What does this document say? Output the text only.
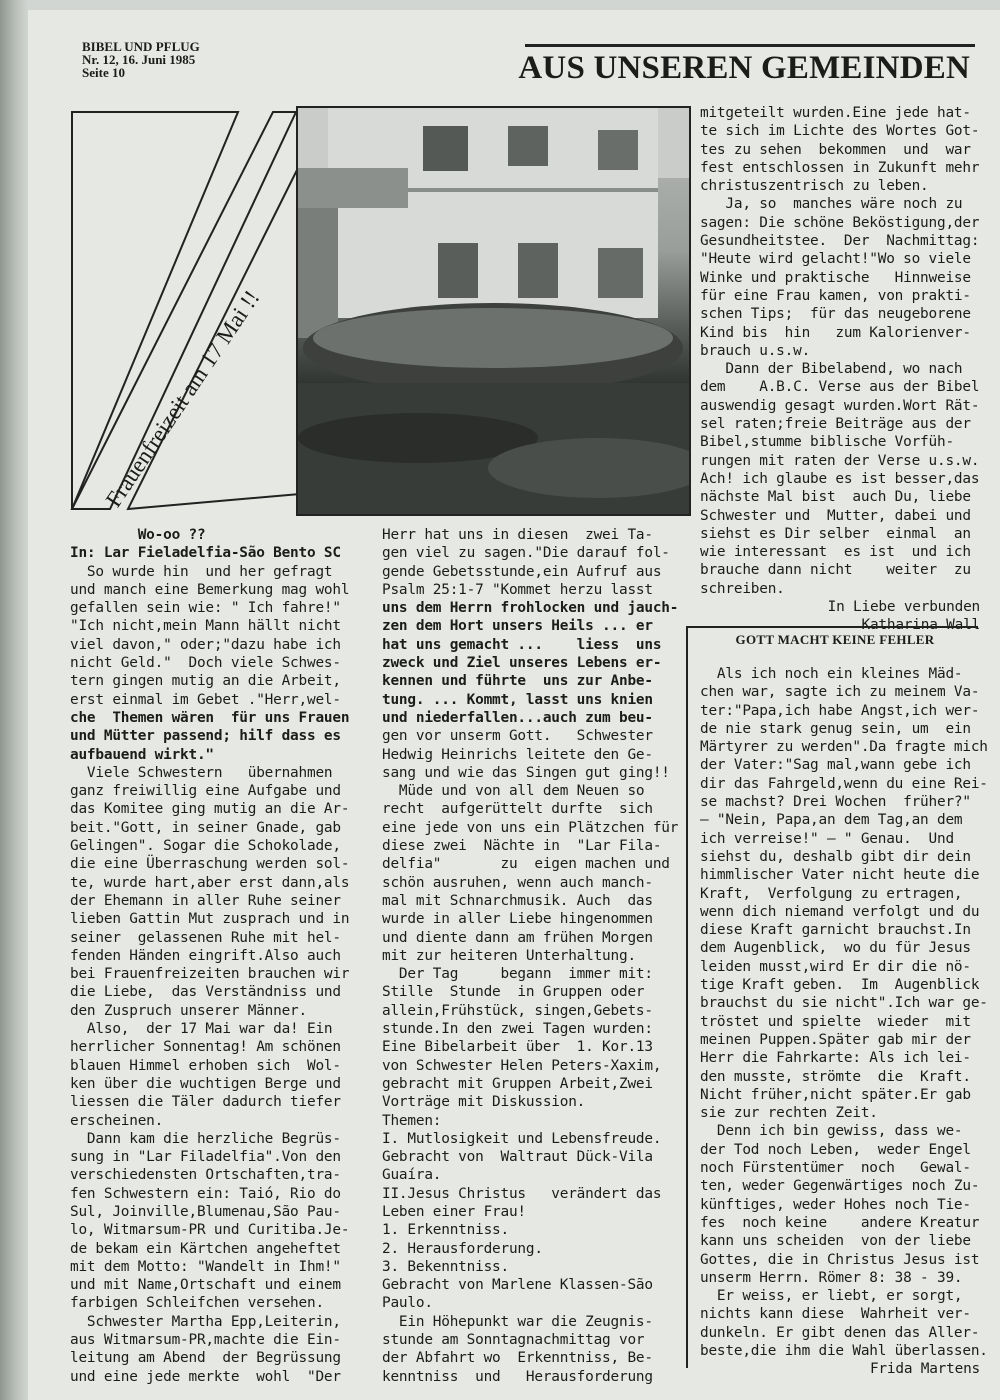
BIBEL UND PFLUG
Nr. 12, 16. Juni 1985
Seite 10	AUS UNSEREN GEMEINDEN
Frauenfreizeit am 17 Mai !!
Wo-oo ??
In: Lar Fieladelfia-São Bento SC
So wurde hin  und her gefragt
und manch eine Bemerkung mag wohl
gefallen sein wie: " Ich fahre!"
"Ich nicht,mein Mann hällt nicht
viel davon," oder;"dazu habe ich
nicht Geld."  Doch viele Schwes-
tern gingen mutig an die Arbeit,
erst einmal im Gebet ."Herr,wel-
che  Themen wären  für uns Frauen
und Mütter passend; hilf dass es
aufbauend wirkt."
Viele Schwestern   übernahmen
ganz freiwillig eine Aufgabe und
das Komitee ging mutig an die Ar-
beit."Gott, in seiner Gnade, gab
Gelingen". Sogar die Schokolade,
die eine Überraschung werden sol-
te, wurde hart,aber erst dann,als
der Ehemann in aller Ruhe seiner
lieben Gattin Mut zusprach und in
seiner  gelassenen Ruhe mit hel-
fenden Händen eingrift.Also auch
bei Frauenfreizeiten brauchen wir
die Liebe,  das Verständniss und
den Zuspruch unserer Männer.
Also,  der 17 Mai war da! Ein
herrlicher Sonnentag! Am schönen
blauen Himmel erhoben sich  Wol-
ken über die wuchtigen Berge und
liessen die Täler dadurch tiefer
erscheinen.
Dann kam die herzliche Begrüs-
sung in "Lar Filadelfia".Von den
verschiedensten Ortschaften,tra-
fen Schwestern ein: Taió, Rio do
Sul, Joinville,Blumenau,São Pau-
lo, Witmarsum-PR und Curitiba.Je-
de bekam ein Kärtchen angeheftet
mit dem Motto: "Wandelt in Ihm!"
und mit Name,Ortschaft und einem
farbigen Schleifchen versehen.
Schwester Martha Epp,Leiterin,
aus Witmarsum-PR,machte die Ein-
leitung am Abend  der Begrüssung
und eine jede merkte  wohl  "Der
Herr hat uns in diesen  zwei Ta-
gen viel zu sagen."Die darauf fol-
gende Gebetsstunde,ein Aufruf aus
Psalm 25:1-7 "Kommet herzu lasst
uns dem Herrn frohlocken und jauch-
zen dem Hort unsers Heils ... er
hat uns gemacht ...    liess  uns
zweck und Ziel unseres Lebens er-
kennen und führte  uns zur Anbe-
tung. ... Kommt, lasst uns knien
und niederfallen...auch zum beu-
gen vor unserm Gott.   Schwester
Hedwig Heinrichs leitete den Ge-
sang und wie das Singen gut ging!!
Müde und von all dem Neuen so
recht  aufgerüttelt durfte  sich
eine jede von uns ein Plätzchen für
diese zwei  Nächte in  "Lar Fila-
delfia"       zu  eigen machen und
schön ausruhen, wenn auch manch-
mal mit Schnarchmusik. Auch  das
wurde in aller Liebe hingenommen
und diente dann am frühen Morgen
mit zur heiteren Unterhaltung.
Der Tag     begann  immer mit:
Stille  Stunde  in Gruppen oder
allein,Frühstück, singen,Gebets-
stunde.In den zwei Tagen wurden:
Eine Bibelarbeit über  1. Kor.13
von Schwester Helen Peters-Xaxim,
gebracht mit Gruppen Arbeit,Zwei
Vorträge mit Diskussion.
Themen:
I. Mutlosigkeit und Lebensfreude.
Gebracht von  Waltraut Dück-Vila
Guaíra.
II.Jesus Christus   verändert das
Leben einer Frau!
1. Erkenntniss.
2. Herausforderung.
3. Bekenntniss.
Gebracht von Marlene Klassen-São
Paulo.
Ein Höhepunkt war die Zeugnis-
stunde am Sonntagnachmittag vor
der Abfahrt wo  Erkenntniss, Be-
kenntniss  und   Herausforderung
mitgeteilt wurden.Eine jede hat-
te sich im Lichte des Wortes Got-
tes zu sehen  bekommen  und  war
fest entschlossen in Zukunft mehr
christuszentrisch zu leben.
Ja, so  manches wäre noch zu
sagen: Die schöne Beköstigung,der
Gesundheitstee.  Der  Nachmittag:
"Heute wird gelacht!"Wo so viele
Winke und praktische   Hinnweise
für eine Frau kamen, von prakti-
schen Tips;  für das neugeborene
Kind bis  hin   zum Kalorienver-
brauch u.s.w.
Dann der Bibelabend, wo nach
dem    A.B.C. Verse aus der Bibel
auswendig gesagt wurden.Wort Rät-
sel raten;freie Beiträge aus der
Bibel,stumme biblische Vorfüh-
rungen mit raten der Verse u.s.w.
Ach! ich glaube es ist besser,das
nächste Mal bist  auch Du, liebe
Schwester und  Mutter, dabei und
siehst es Dir selber  einmal  an
wie interessant  es ist  und ich
brauche dann nicht    weiter  zu
schreiben.
In Liebe verbunden
Katharina Wall
GOTT MACHT KEINE FEHLER
Als ich noch ein kleines Mäd-
chen war, sagte ich zu meinem Va-
ter:"Papa,ich habe Angst,ich wer-
de nie stark genug sein, um  ein
Märtyrer zu werden".Da fragte mich
der Vater:"Sag mal,wann gebe ich
dir das Fahrgeld,wenn du eine Rei-
se machst? Drei Wochen  früher?"
— "Nein, Papa,an dem Tag,an dem
ich verreise!" — " Genau.  Und
siehst du, deshalb gibt dir dein
himmlischer Vater nicht heute die
Kraft,  Verfolgung zu ertragen,
wenn dich niemand verfolgt und du
diese Kraft garnicht brauchst.In
dem Augenblick,  wo du für Jesus
leiden musst,wird Er dir die nö-
tige Kraft geben.  Im  Augenblick
brauchst du sie nicht".Ich war ge-
tröstet und spielte  wieder  mit
meinen Puppen.Später gab mir der
Herr die Fahrkarte: Als ich lei-
den musste, strömte  die  Kraft.
Nicht früher,nicht später.Er gab
sie zur rechten Zeit.
Denn ich bin gewiss, dass we-
der Tod noch Leben,  weder Engel
noch Fürstentümer  noch   Gewal-
ten, weder Gegenwärtiges noch Zu-
künftiges, weder Hohes noch Tie-
fes  noch keine    andere Kreatur
kann uns scheiden  von der liebe
Gottes, die in Christus Jesus ist
unserm Herrn. Römer 8: 38 - 39.
Er weiss, er liebt, er sorgt,
nichts kann diese  Wahrheit ver-
dunkeln. Er gibt denen das Aller-
beste,die ihm die Wahl überlassen.
Frida Martens
